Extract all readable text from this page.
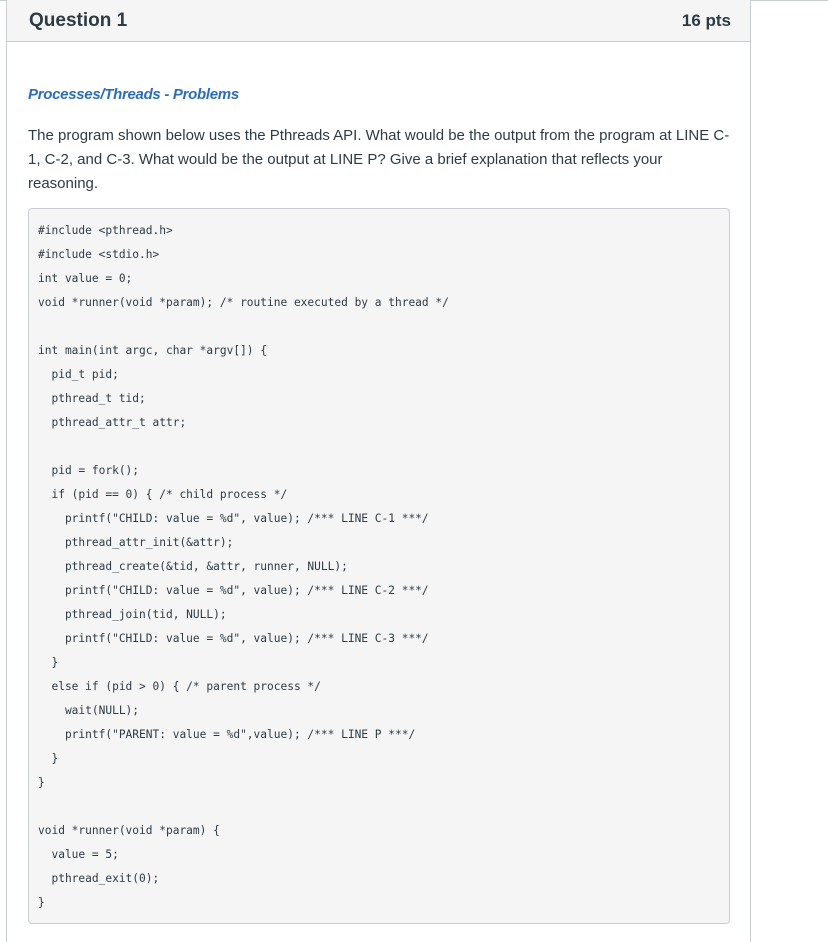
Question 1	16 pts

Processes/Threads - Problems

The program shown below uses the Pthreads API. What would be the output from the program at LINE C-1, C-2, and C-3. What would be the output at LINE P? Give a brief explanation that reflects your reasoning.

#include <pthread.h>
#include <stdio.h>
int value = 0;
void *runner(void *param); /* routine executed by a thread */
int main(int argc, char *argv[]) {
pid_t pid;
pthread_t tid;
pthread_attr_t attr;
pid = fork();
if (pid == 0) { /* child process */
printf("CHILD: value = %d", value); /*** LINE C-1 ***/
pthread_attr_init(&attr);
pthread_create(&tid, &attr, runner, NULL);
printf("CHILD: value = %d", value); /*** LINE C-2 ***/
pthread_join(tid, NULL);
printf("CHILD: value = %d", value); /*** LINE C-3 ***/
}
else if (pid > 0) { /* parent process */
wait(NULL);
printf("PARENT: value = %d",value); /*** LINE P ***/
}
}
void *runner(void *param) {
value = 5;
pthread_exit(0);
}
